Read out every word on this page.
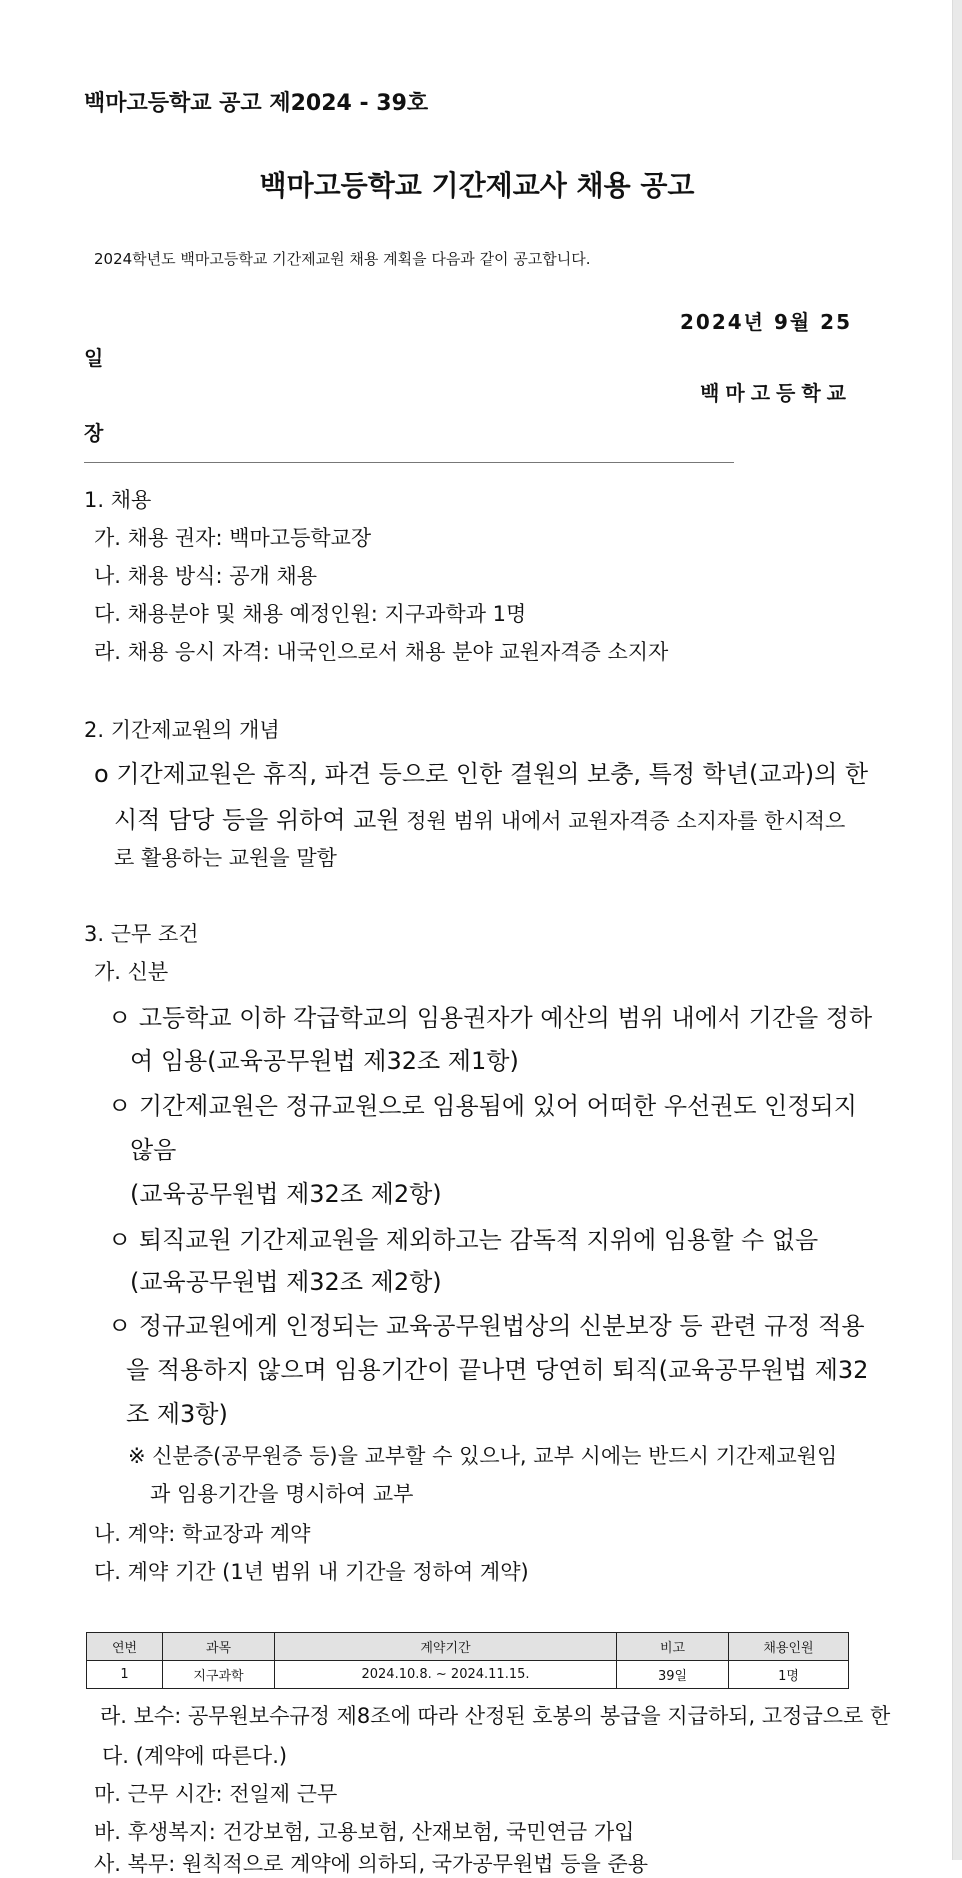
백마고등학교 공고 제2024 - 39호
백마고등학교 기간제교사 채용 공고
2024학년도 백마고등학교 기간제교원 채용 계획을 다음과 같이 공고합니다.
2024년 9월 25
일
백마고등학교
장
1. 채용
가. 채용 권자: 백마고등학교장
나. 채용 방식: 공개 채용
다. 채용분야 및 채용 예정인원: 지구과학과 1명
라. 채용 응시 자격: 내국인으로서 채용 분야 교원자격증 소지자
2. 기간제교원의 개념
o 기간제교원은 휴직, 파견 등으로 인한 결원의 보충, 특정 학년(교과)의 한
시적 담당 등을 위하여 교원 정원 범위 내에서 교원자격증 소지자를 한시적으
로 활용하는 교원을 말함
3. 근무 조건
가. 신분
ㅇ 고등학교 이하 각급학교의 임용권자가 예산의 범위 내에서 기간을 정하
여 임용(교육공무원법 제32조 제1항)
ㅇ 기간제교원은 정규교원으로 임용됨에 있어 어떠한 우선권도 인정되지
않음
(교육공무원법 제32조 제2항)
ㅇ 퇴직교원 기간제교원을 제외하고는 감독적 지위에 임용할 수 없음
(교육공무원법 제32조 제2항)
ㅇ 정규교원에게 인정되는 교육공무원법상의 신분보장 등 관련 규정 적용
을 적용하지 않으며 임용기간이 끝나면 당연히 퇴직(교육공무원법 제32
조 제3항)
※ 신분증(공무원증 등)을 교부할 수 있으나, 교부 시에는 반드시 기간제교원임
과 임용기간을 명시하여 교부
나. 계약: 학교장과 계약
다. 계약 기간 (1년 범위 내 기간을 정하여 계약)
연번	과목	계약기간	비고	채용인원
1	지구과학	2024.10.8. ~ 2024.11.15.	39일	1명
라. 보수: 공무원보수규정 제8조에 따라 산정된 호봉의 봉급을 지급하되, 고정급으로 한
다. (계약에 따른다.)
마. 근무 시간: 전일제 근무
바. 후생복지: 건강보험, 고용보험, 산재보험, 국민연금 가입
사. 복무: 원칙적으로 계약에 의하되, 국가공무원법 등을 준용
